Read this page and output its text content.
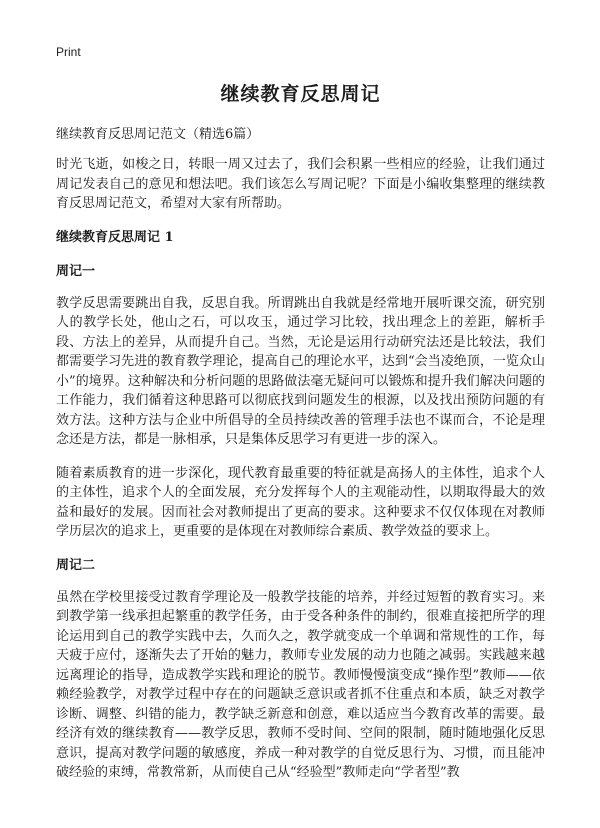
Print
继续教育反思周记
继续教育反思周记范文（精选6篇）

时光飞逝，如梭之日，转眼一周又过去了，我们会积累一些相应的经验，让我们通过周记发表自己的意见和想法吧。我们该怎么写周记呢？下面是小编收集整理的继续教育反思周记范文，希望对大家有所帮助。

继续教育反思周记 1
周记一

教学反思需要跳出自我，反思自我。所谓跳出自我就是经常地开展听课交流，研究别人的教学长处，他山之石，可以攻玉，通过学习比较，找出理念上的差距，解析手段、方法上的差异，从而提升自己。当然，无论是运用行动研究法还是比较法，我们都需要学习先进的教育教学理论，提高自己的理论水平，达到“会当凌绝顶，一览众山小”的境界。这种解决和分析问题的思路做法毫无疑问可以锻炼和提升我们解决问题的工作能力，我们循着这种思路可以彻底找到问题发生的根源，以及找出预防问题的有效方法。这种方法与企业中所倡导的全员持续改善的管理手法也不谋而合，不论是理念还是方法，都是一脉相承，只是集体反思学习有更进一步的深入。

随着素质教育的进一步深化，现代教育最重要的特征就是高扬人的主体性，追求个人的主体性，追求个人的全面发展，充分发挥每个人的主观能动性，以期取得最大的效益和最好的发展。因而社会对教师提出了更高的要求。这种要求不仅仅体现在对教师学历层次的追求上，更重要的是体现在对教师综合素质、教学效益的要求上。

周记二

虽然在学校里接受过教育学理论及一般教学技能的培养，并经过短暂的教育实习。来到教学第一线承担起繁重的教学任务，由于受各种条件的制约，很难直接把所学的理论运用到自己的教学实践中去，久而久之，教学就变成一个单调和常规性的工作，每天疲于应付，逐渐失去了开始的魅力，教师专业发展的动力也随之减弱。实践越来越远离理论的指导，造成教学实践和理论的脱节。教师慢慢演变成“操作型”教师——依赖经验教学，对教学过程中存在的问题缺乏意识或者抓不住重点和本质，缺乏对教学诊断、调整、纠错的能力，教学缺乏新意和创意，难以适应当今教育改革的需要。最经济有效的继续教育——教学反思，教师不受时间、空间的限制，随时随地强化反思意识，提高对教学问题的敏感度，养成一种对教学的自觉反思行为、习惯，而且能冲破经验的束缚，常教常新，从而使自己从“经验型”教师走向“学者型”教
